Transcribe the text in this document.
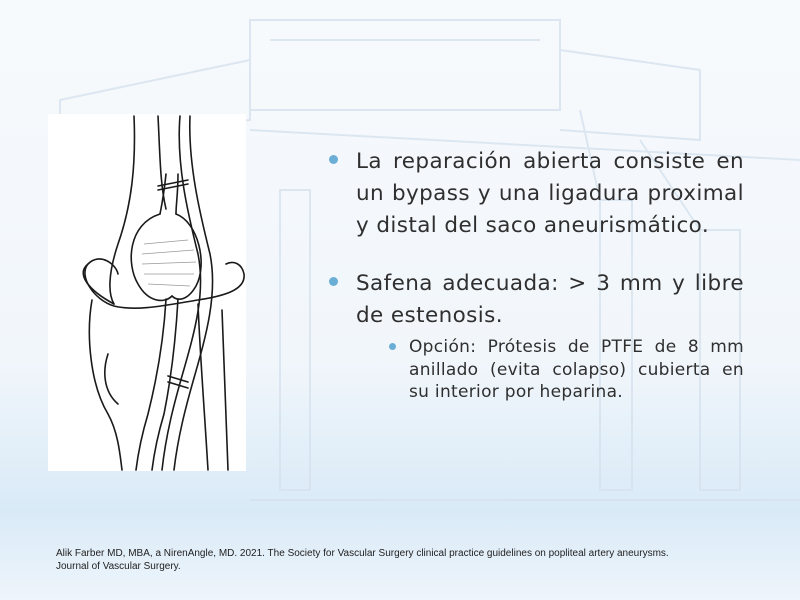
La reparación abierta consiste en un bypass y una ligadura proximal y distal del saco aneurismático.
Safena adecuada: > 3 mm y libre de estenosis.
Opción: Prótesis de PTFE de 8 mm anillado (evita colapso) cubierta en su interior por heparina.
Alik Farber MD, MBA, a NirenAngle, MD. 2021. The Society for Vascular Surgery clinical practice guidelines on popliteal artery aneurysms.
Journal of Vascular Surgery.
